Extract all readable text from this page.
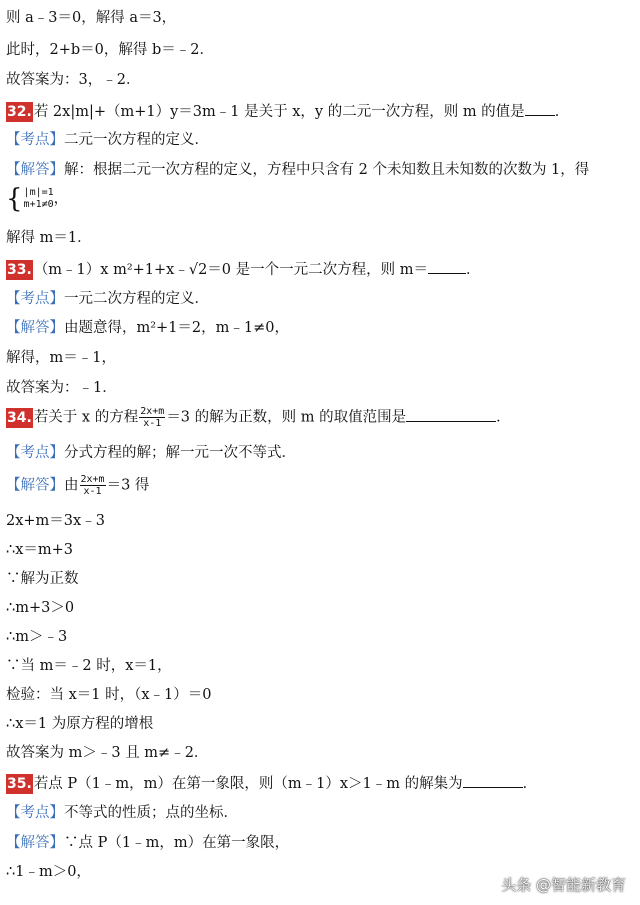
则 a﹣3＝0，解得 a＝3，
此时，2+b＝0，解得 b＝﹣2．
故答案为：3，﹣2．
32. 若 2x|m|+（m+1）y＝3m﹣1 是关于 x，y 的二元一次方程，则 m 的值是 ．
【考点】二元一次方程的定义．
【解答】解：根据二元一次方程的定义，方程中只含有 2 个未知数且未知数的次数为 1，得
{ |m|=1
m+1≠0 ，
解得 m＝1．
33. （m﹣1）x m²+1+x﹣√2＝0 是一个一元二次方程，则 m＝	．
【考点】一元二次方程的定义．
【解答】由题意得，m²+1＝2，m﹣1≠0，
解得，m＝﹣1，
故答案为：﹣1．
34. 若关于 x 的方程 $\frac{2x+m}{x-1} =3$ 的解为正数，则 m 的取值范围是	．
【考点】分式方程的解；解一元一次不等式．
【解答】由 $\frac{2x+m}{x-1} =3$ 得
2x+m＝3x﹣3
∴x＝m+3
∵解为正数
∴m+3＞0
∴m＞﹣3
∵当 m＝﹣2 时，x＝1，
检验：当 x＝1 时，（x﹣1）＝0
∴x＝1 为原方程的增根
故答案为 m＞﹣3 且 m≠﹣2．
35. 若点 P（1﹣m，m）在第一象限，则（m﹣1）x＞1﹣m 的解集为	．
【考点】不等式的性质；点的坐标．
【解答】∵点 P（1﹣m，m）在第一象限，
∴1﹣m＞0，
头条 @智能新教育
